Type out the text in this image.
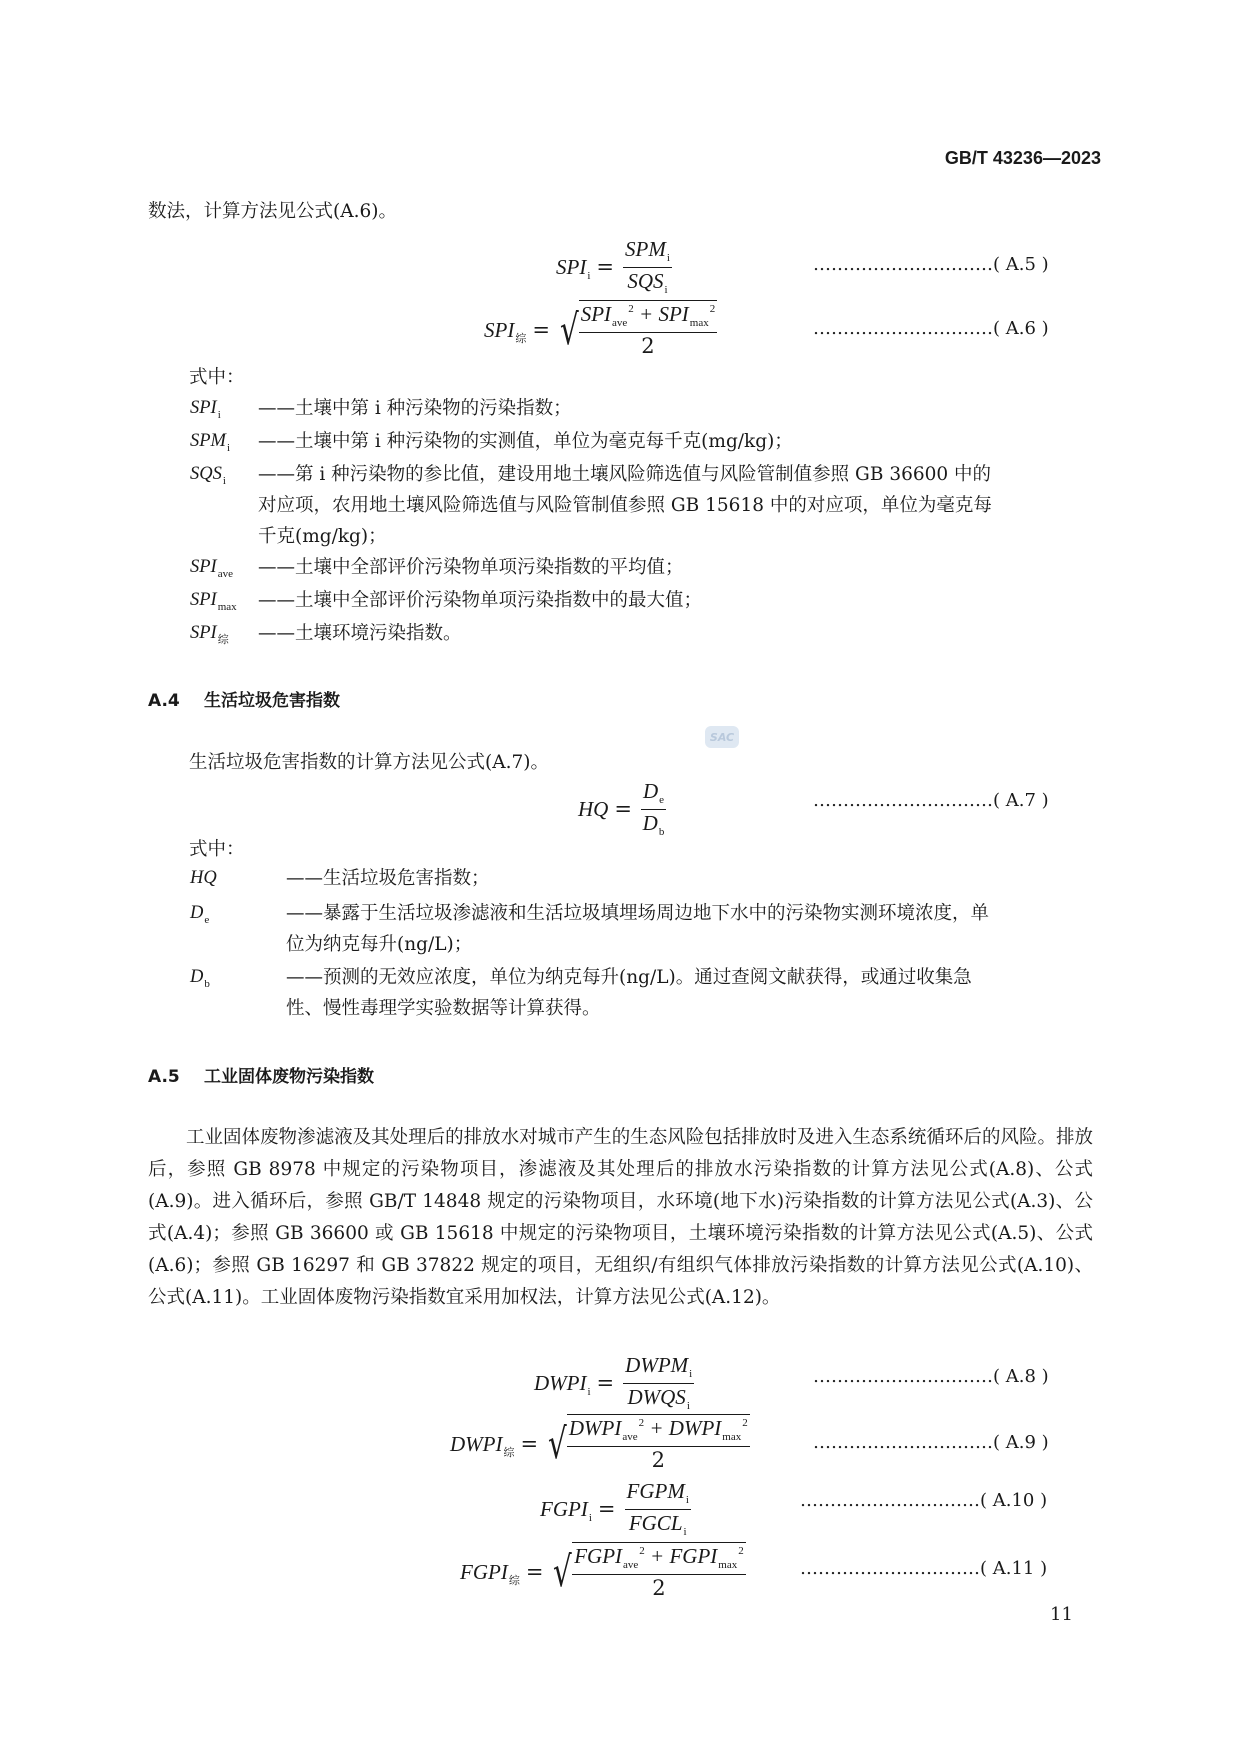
GB/T 43236—2023
数法，计算方法见公式(A.6)。
$SPI_i = \frac{SPM_i}{SQS_i}$	…………………………( A.5 )
$SPI_综$ = √ $\frac{SPI_{ave}^2 + SPI_{max}^2}{2}$	…………………………( A.6 )
式中：
$SPI_i$	——土壤中第 i 种污染物的污染指数；
$SPM_i$	——土壤中第 i 种污染物的实测值，单位为毫克每千克(mg/kg)；
$SQS_i$	——第 i 种污染物的参比值，建设用地土壤风险筛选值与风险管制值参照 GB 36600 中的对应项，农用地土壤风险筛选值与风险管制值参照 GB 15618 中的对应项，单位为毫克每千克(mg/kg)；
$SPI_{ave}$	——土壤中全部评价污染物单项污染指数的平均值；
$SPI_{max}$	——土壤中全部评价污染物单项污染指数中的最大值；
$SPI_综$	——土壤环境污染指数。
A.4 生活垃圾危害指数
SAC
生活垃圾危害指数的计算方法见公式(A.7)。
HQ = $\frac{D_e}{D_b}$	…………………………( A.7 )
式中：
HQ	——生活垃圾危害指数；
$D_e$	——暴露于生活垃圾渗滤液和生活垃圾填埋场周边地下水中的污染物实测环境浓度，单位为纳克每升(ng/L)；
$D_b$	——预测的无效应浓度，单位为纳克每升(ng/L)。通过查阅文献获得，或通过收集急性、慢性毒理学实验数据等计算获得。
A.5 工业固体废物污染指数
工业固体废物渗滤液及其处理后的排放水对城市产生的生态风险包括排放时及进入生态系统循环后的风险。排放后，参照 GB 8978 中规定的污染物项目，渗滤液及其处理后的排放水污染指数的计算方法见公式(A.8)、公式(A.9)。进入循环后，参照 GB/T 14848 规定的污染物项目，水环境(地下水)污染指数的计算方法见公式(A.3)、公式(A.4)；参照 GB 36600 或 GB 15618 中规定的污染物项目，土壤环境污染指数的计算方法见公式(A.5)、公式(A.6)；参照 GB 16297 和 GB 37822 规定的项目，无组织/有组织气体排放污染指数的计算方法见公式(A.10)、公式(A.11)。工业固体废物污染指数宜采用加权法，计算方法见公式(A.12)。
$DWPI_i = \frac{DWPM_i}{DWQS_i}$	…………………………( A.8 )
$DWPI_综$ = √ $\frac{DWPI_{ave}^2 + DWPI_{max}^2}{2}$	…………………………( A.9 )
$FGPI_i = \frac{FGPM_i}{FGCL_i}$	…………………………( A.10 )
$FGPI_综$ = √ $\frac{FGPI_{ave}^2 + FGPI_{max}^2}{2}$	…………………………( A.11 )
11
